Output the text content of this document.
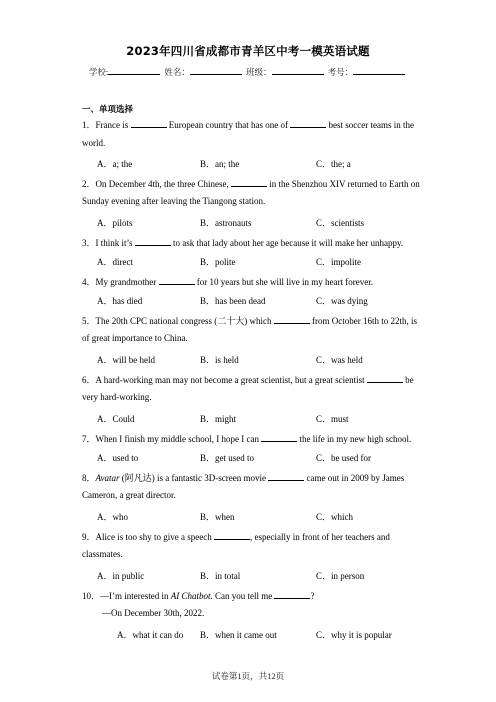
2023年四川省成都市青羊区中考一模英语试题
学校:	姓名：	班级：	考号：
一、单项选择
1．France is	European country that has one of	best soccer teams in the
world.
A．a; the	B．an; the	C．the; a
2．On December 4th, the three Chinese,	in the Shenzhou XIV returned to Earth on
Sunday evening after leaving the Tiangong station.
A．pilots	B．astronauts	C．scientists
3．I think it’s	to ask that lady about her age because it will make her unhappy.
A．direct	B．polite	C．impolite
4．My grandmother	for 10 years but she will live in my heart forever.
A．has died	B．has been dead	C．was dying
5．The 20th CPC national congress (二十大) which	from October 16th to 22th, is
of great importance to China.
A．will be held	B．is held	C．was held
6．A hard-working man may not become a great scientist, but a great scientist	be
very hard-working.
A．Could	B．might	C．must
7．When I finish my middle school, I hope I can	the life in my new high school.
A．used to	B．get used to	C．be used for
8．Avatar (阿凡达) is a fantastic 3D-screen movie	came out in 2009 by James
Cameron, a great director.
A．who	B．when	C．which
9．Alice is too shy to give a speech	, especially in front of her teachers and
classmates.
A．in public	B．in total	C．in person
10．—I’m interested in AI Chatbot. Can you tell me	?
—On December 30th, 2022.
A．what it can do B．when it came out	C．why it is popular
试卷第1页，共12页
